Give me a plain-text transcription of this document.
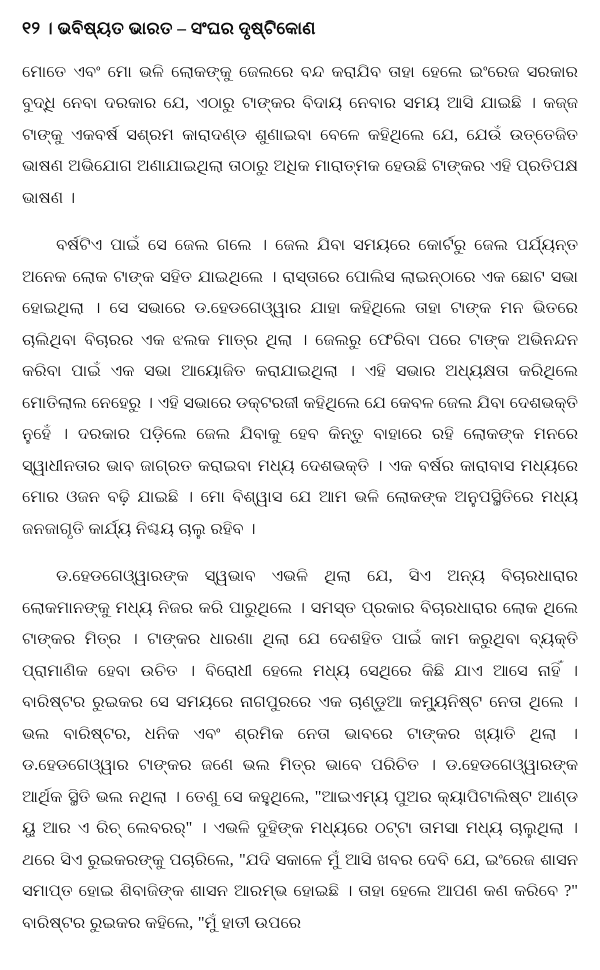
୧୨ । ଭବିଷ୍ୟତ ଭାରତ – ସଂଘର ଦୃଷ୍ଟିକୋଣ

ମୋତେ ଏବଂ ମୋ ଭଳି ଲୋକଙ୍କୁ ଜେଲରେ ବନ୍ଦ କରାଯିବ ତାହା ହେଲେ ଇଂରେଜ ସରକାର ବୁଦ୍ଧି ନେବା ଦରକାର ଯେ, ଏଠାରୁ ଟାଙ୍କର ବିଦାୟ ନେବାର ସମୟ ଆସି ଯାଇଛି । କଜ୍ଜ ଟାଙ୍କୁ ଏକବର୍ଷ ସଶ୍ରମ କାରାଦଣ୍ଡ ଶୁଣାଇବା ବେଳେ କହିଥିଲେ ଯେ, ଯେଉଁ ଉତ୍ତେଜିତ ଭାଷଣ ଅଭିଯୋଗ ଅଣାଯାଇଥିଲା ତାଠାରୁ ଅଧିକ ମାରାତ୍ମକ ହେଉଛି ଟାଙ୍କର ଏହି ପ୍ରତିପକ୍ଷ ଭାଷଣ ।

ବର୍ଷଟିଏ ପାଇଁ ସେ ଜେଲ ଗଲେ । ଜେଲ ଯିବା ସମୟରେ କୋର୍ଟରୁ ଜେଲ ପର୍ଯ୍ୟନ୍ତ ଅନେକ ଲୋକ ଟାଙ୍କ ସହିତ ଯାଇଥିଲେ । ରାସ୍ତାରେ ପୋଲିସ ଲାଇନ୍‌ଠାରେ ଏକ ଛୋଟ ସଭା ହୋଇଥିଲା । ସେ ସଭାରେ ଡ.ହେଡଗେଓ୍ୱାର ଯାହା କହିଥିଲେ ତାହା ଟାଙ୍କ ମନ ଭିତରେ ଚାଲିଥିବା ବିଚାରର ଏକ ଝଲକ ମାତ୍ର ଥିଲା । ଜେଲରୁ ଫେରିବା ପରେ ଟାଙ୍କ ଅଭିନନ୍ଦନ କରିବା ପାଇଁ ଏକ ସଭା ଆୟୋଜିତ କରାଯାଇଥିଲା । ଏହି ସଭାର ଅଧ୍ୟକ୍ଷତା କରିଥିଲେ ମୋତିଲାଲ ନେହେରୁ । ଏହି ସଭାରେ ଡକ୍ଟରଜୀ କହିଥିଲେ ଯେ କେବଳ ଜେଲ ଯିବା ଦେଶଭକ୍ତି ନୁହେଁ । ଦରକାର ପଡ଼ିଲେ ଜେଲ ଯିବାକୁ ହେବ କିନ୍ତୁ ବାହାରେ ରହି ଲୋକଙ୍କ ମନରେ ସ୍ୱାଧୀନତାର ଭାବ ଜାଗ୍ରତ କରାଇବା ମଧ୍ୟ ଦେଶଭକ୍ତି । ଏକ ବର୍ଷର କାରାବାସ ମଧ୍ୟରେ ମୋର ଓଜନ ବଢ଼ି ଯାଇଛି । ମୋ ବିଶ୍ୱାସ ଯେ ଆମ ଭଳି ଲୋକଙ୍କ ଅନୁପସ୍ଥିତିରେ ମଧ୍ୟ ଜନଜାଗୃତି କାର୍ଯ୍ୟ ନିଶ୍ଚୟ ଚାଲୁ ରହିବ ।

ଡ.ହେଡଗେଓ୍ୱାରଙ୍କ ସ୍ୱଭାବ ଏଭଳି ଥିଲା ଯେ, ସିଏ ଅନ୍ୟ ବିଚାରଧାରାର ଲୋକମାନଙ୍କୁ ମଧ୍ୟ ନିଜର କରି ପାରୁଥିଲେ । ସମସ୍ତ ପ୍ରକାର ବିଚାରଧାରାର ଲୋକ ଥିଲେ ଟାଙ୍କର ମିତ୍ର । ଟାଙ୍କର ଧାରଣା ଥିଲା ଯେ ଦେଶହିତ ପାଇଁ କାମ କରୁଥିବା ବ୍ୟକ୍ତି ପ୍ରାମାଣିକ ହେବା ଉଚିତ । ବିରୋଧୀ ହେଲେ ମଧ୍ୟ ସେଥିରେ କିଛି ଯାଏ ଆସେ ନାହିଁ । ବାରିଷ୍ଟର ରୁଇକର ସେ ସମୟରେ ନାଗପୁରରେ ଏକ ଚାଣ୍ଡୁଆ କମ୍ୟୁନିଷ୍ଟ ନେତା ଥିଲେ । ଭଲ ବାରିଷ୍ଟର, ଧନିକ ଏବଂ ଶ୍ରମିକ ନେତା ଭାବରେ ଟାଙ୍କର ଖ୍ୟାତି ଥିଲା । ଡ.ହେଡଗେଓ୍ୱାର ଟାଙ୍କର ଜଣେ ଭଲ ମିତ୍ର ଭାବେ ପରିଚିତ । ଡ.ହେଡଗେଓ୍ୱାରଙ୍କ ଆର୍ଥିକ ସ୍ଥିତି ଭଲ ନଥିଲା । ତେଣୁ ସେ କହୁଥିଲେ, "ଆଇଏମ୍ୟ ପୁଅର କ୍ୟାପିଟାଲିଷ୍ଟ ଆଣ୍ଡ ୟୁ ଆର ଏ ରିଚ୍ ଲେବରର୍" । ଏଭଳି ଦୁହିଙ୍କ ମଧ୍ୟରେ ଠଟ୍ଟା ତାମସା ମଧ୍ୟ ଚାଲୁଥିଲା । ଥରେ ସିଏ ରୁଇକରଙ୍କୁ ପଚାରିଲେ, "ଯଦି ସକାଳେ ମୁଁ ଆସି ଖବର ଦେବି ଯେ, ଇଂରେଜ ଶାସନ ସମାପ୍ତ ହୋଇ ଶିବାଜିଙ୍କ ଶାସନ ଆରମ୍ଭ ହୋଇଛି । ତାହା ହେଲେ ଆପଣ କଣ କରିବେ ?" ବାରିଷ୍ଟର ରୁଇକର କହିଲେ, "ମୁଁ ହାତୀ ଉପରେ
